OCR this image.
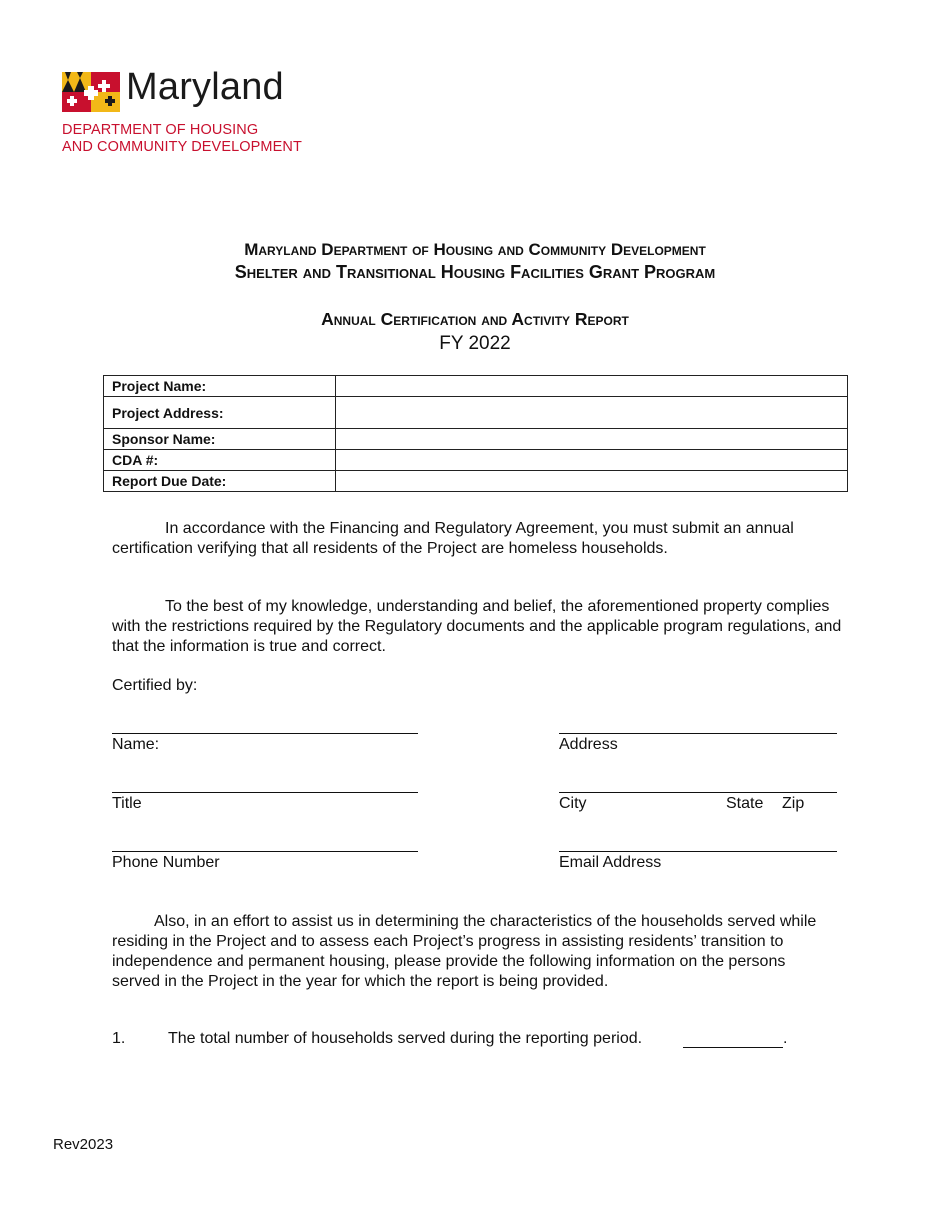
Maryland
DEPARTMENT OF HOUSING
AND COMMUNITY DEVELOPMENT
Maryland Department of Housing and Community Development
Shelter and Transitional Housing Facilities Grant Program
Annual Certification and Activity Report
FY 2022
Project Name:	
Project Address:	
Sponsor Name:	
CDA #:	
Report Due Date:	
In accordance with the Financing and Regulatory Agreement, you must submit an annual certification verifying that all residents of the Project are homeless households.
To the best of my knowledge, understanding and belief, the aforementioned property complies with the restrictions required by the Regulatory documents and the applicable program regulations, and that the information is true and correct.
Certified by:
Name:	Address
Title	City	State Zip
Phone Number	Email Address
Also, in an effort to assist us in determining the characteristics of the households served while residing in the Project and to assess each Project’s progress in assisting residents’ transition to independence and permanent housing, please provide the following information on the persons served in the Project in the year for which the report is being provided.
1.	The total number of households served during the reporting period.	.
Rev2023
